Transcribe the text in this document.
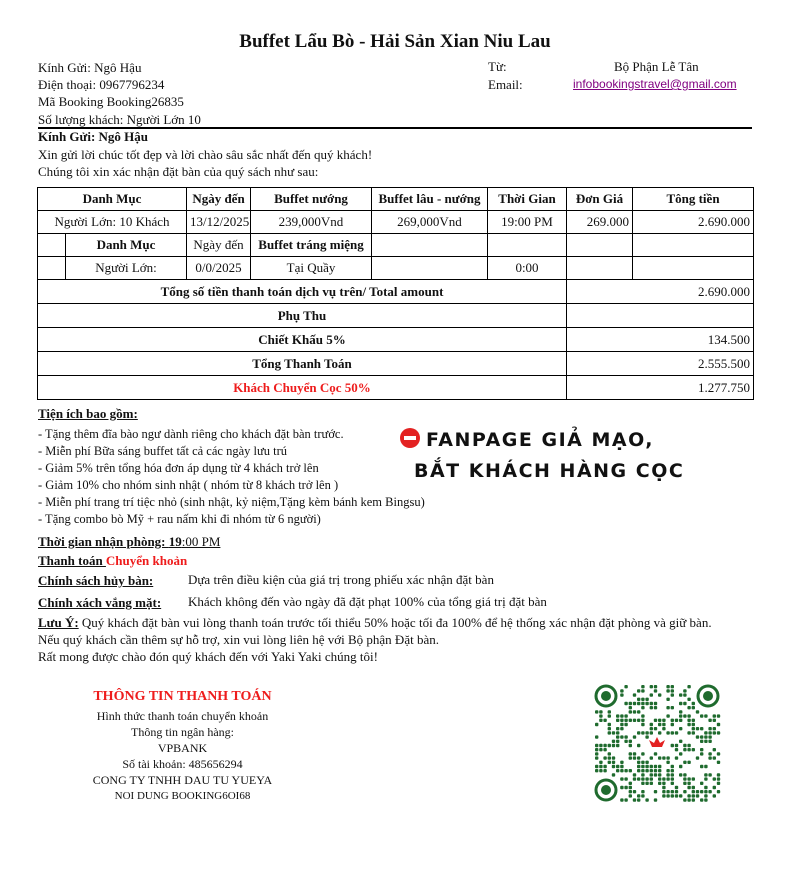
Buffet Lẩu Bò - Hải Sản Xian Niu Lau
Kính Gửi: Ngô Hậu
Điện thoại: 0967796234
Mã Booking Booking26835
Số lượng khách: Người Lớn 10
Từ:	Bộ Phận Lễ Tân
Email:	infobookingstravel@gmail.com
Kính Gửi: Ngô Hậu
Xin gửi lời chúc tốt đẹp và lời chào sâu sắc nhất đến quý khách!
Chúng tôi xin xác nhận đặt bàn của quý sách như sau:
Danh Mục		Ngày đến	Buffet nướng	Buffet lâu - nướng	Thời Gian	Đơn Giá	Tông tiền
Người Lớn: 10 Khách		13/12/2025	239,000Vnd	269,000Vnd	19:00 PM	269.000	2.690.000
	Danh Mục	Ngày đến	Buffet tráng miệng				
	Người Lớn:	0/0/2025	Tại Quầy		0:00		
Tổng số tiền thanh toán dịch vụ trên/ Total amount						2.690.000	
Phụ Thu							
Chiết Khấu 5%						134.500	
Tổng Thanh Toán						2.555.500	
Khách Chuyển Cọc 50%						1.277.750	
Tiện ích bao gồm:
- Tặng thêm đĩa bào ngư dành riêng cho khách đặt bàn trước.
- Miễn phí Bữa sáng buffet tất cả các ngày lưu trú
- Giảm 5% trên tổng hóa đơn áp dụng từ 4 khách trở lên
- Giảm 10% cho nhóm sinh nhật ( nhóm từ 8 khách trở lên )
- Miễn phí trang trí tiệc nhỏ (sinh nhật, kỷ niệm,Tặng kèm bánh kem Bingsu)
- Tặng combo bò Mỹ + rau nấm khi đi nhóm từ 6 người)
FANPAGE GIẢ MẠO,
BẮT KHÁCH HÀNG CỌC
Thời gian nhận phòng: 19:00 PM
Thanh toán Chuyển khoản
Chính sách hủy bàn:	Dựa trên điều kiện của giá trị trong phiếu xác nhận đặt bàn
Chính xách vắng mặt: Khách không đến vào ngày đã đặt phạt 100% của tổng giá trị đặt bàn
Lưu Ý: Quý khách đặt bàn vui lòng thanh toán trước tối thiểu 50% hoặc tối đa 100% để hệ thống xác nhận đặt phòng và giữ bàn.
Nếu quý khách cần thêm sự hỗ trợ, xin vui lòng liên hệ với Bộ phận Đặt bàn.
Rất mong được chào đón quý khách đến với Yaki Yaki chúng tôi!
THÔNG TIN THANH TOÁN
Hình thức thanh toán chuyển khoản
Thông tin ngân hàng:
VPBANK
Số tài khoản: 485656294
CONG TY TNHH DAU TU YUEYA
NOI DUNG BOOKING6OI68
